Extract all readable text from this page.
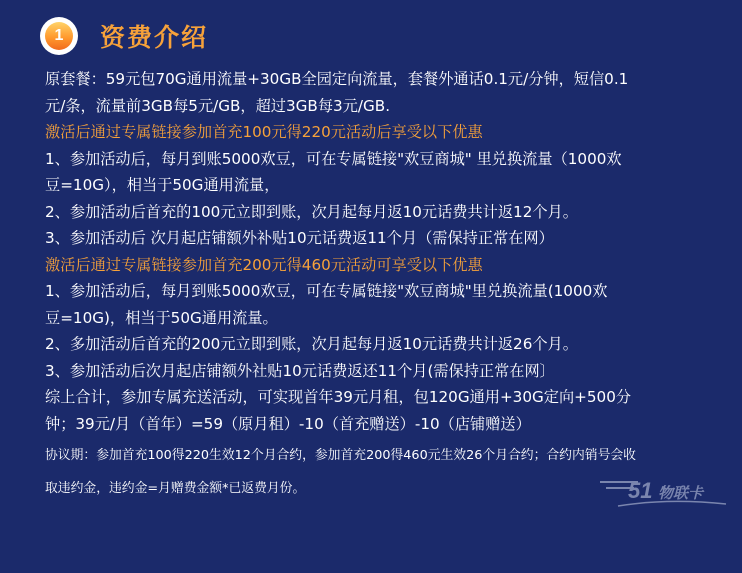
1	资费介绍
原套餐：59元包70G通用流量+30GB全园定向流量，套餐外通话0.1元/分钟，短信0.1
元/条，流量前3GB每5元/GB，超过3GB每3元/GB.
激活后通过专属链接参加首充100元得220元活动后享受以下优惠
1、参加活动后，每月到账5000欢豆，可在专属链接"欢豆商城" 里兑换流量（1000欢
豆=10G），相当于50G通用流量，
2、参加活动后首充的100元立即到账，次月起每月返10元话费共计返12个月。
3、参加活动后 次月起店铺额外补贴10元话费返11个月（需保持正常在网）
激活后通过专属链接参加首充200元得460元活动可享受以下优惠
1、参加活动后，每月到账5000欢豆，可在专属链接"欢豆商城"里兑换流量(1000欢
豆=10G)，相当于50G通用流量。
2、多加活动后首充的200元立即到账，次月起每月返10元话费共计返26个月。
3、参加活动后次月起店铺额外社贴10元话费返还11个月(需保持正常在网〕
综上合计，参加专属充送活动，可实现首年39元月租，包120G通用+30G定向+500分
钟；39元/月（首年）=59（原月租）-10（首充赠送）-10（店铺赠送）
协议期：参加首充100得220生效12个月合约，参加首充200得460元生效26个月合约；合约内销号会收
取违约金，违约金=月赠费金额*已返费月份。	51 物联卡
